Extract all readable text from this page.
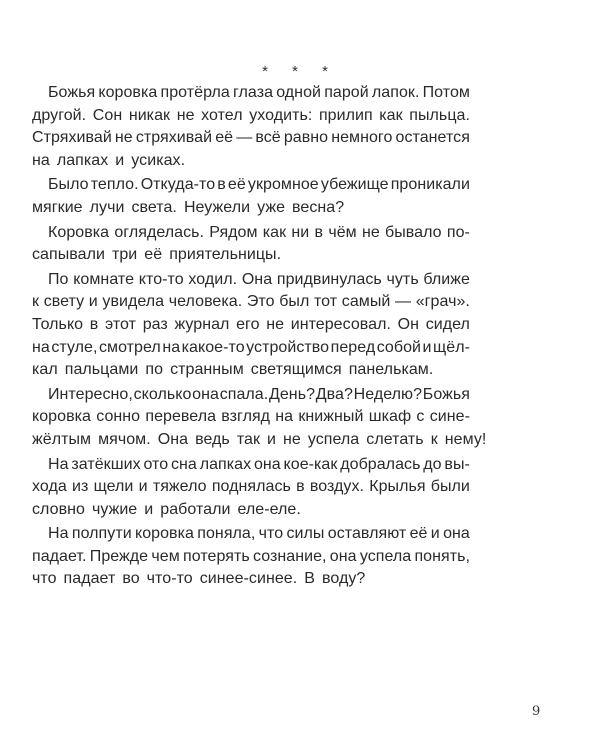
* * *
Божья коровка протёрла глаза одной парой лапок. Потом
другой. Сон никак не хотел уходить: прилип как пыльца.
Стряхивай не стряхивай её — всё равно немного останется
на лапках и усиках.
Было тепло. Откуда-то в её укромное убежище проникали
мягкие лучи света. Неужели уже весна?
Коровка огляделась. Рядом как ни в чём не бывало по-
сапывали три её приятельницы.
По комнате кто-то ходил. Она придвинулась чуть ближе
к свету и увидела человека. Это был тот самый — «грач».
Только в этот раз журнал его не интересовал. Он сидел
на стуле, смотрел на какое-то устройство перед собой и щёл-
кал пальцами по странным светящимся панелькам.
Интересно, сколько она спала. День? Два? Неделю? Божья
коровка сонно перевела взгляд на книжный шкаф с сине-
жёлтым мячом. Она ведь так и не успела слетать к нему!
На затёкших ото сна лапках она кое-как добралась до вы-
хода из щели и тяжело поднялась в воздух. Крылья были
словно чужие и работали еле-еле.
На полпути коровка поняла, что силы оставляют её и она
падает. Прежде чем потерять сознание, она успела понять,
что падает во что-то синее-синее. В воду?
9
